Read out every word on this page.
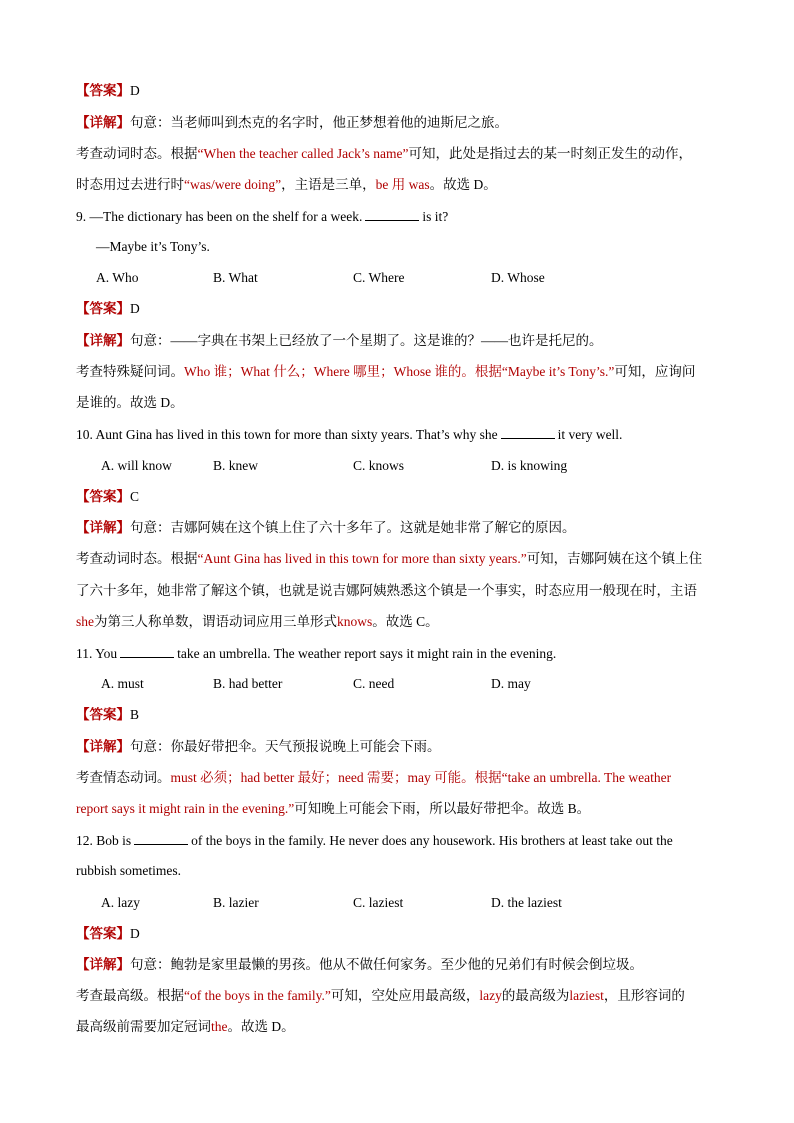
【答案】D
【详解】句意：当老师叫到杰克的名字时，他正梦想着他的迪斯尼之旅。
考查动词时态。根据“When the teacher called Jack’s name”可知，此处是指过去的某一时刻正发生的动作，
时态用过去进行时“was/were doing”，主语是三单，be 用 was。故选 D。
9. —The dictionary has been on the shelf for a week.	is it?
—Maybe it’s Tony’s.
A. Who	B. What	C. Where	D. Whose
【答案】D
【详解】句意：——字典在书架上已经放了一个星期了。这是谁的？——也许是托尼的。
考查特殊疑问词。Who 谁；What 什么；Where 哪里；Whose 谁的。根据“Maybe it’s Tony’s.”可知，应询问
是谁的。故选 D。
10. Aunt Gina has lived in this town for more than sixty years. That’s why she	it very well.
A. will know	B. knew	C. knows	D. is knowing
【答案】C
【详解】句意：吉娜阿姨在这个镇上住了六十多年了。这就是她非常了解它的原因。
考查动词时态。根据“Aunt Gina has lived in this town for more than sixty years.”可知，吉娜阿姨在这个镇上住
了六十多年，她非常了解这个镇，也就是说吉娜阿姨熟悉这个镇是一个事实，时态应用一般现在时，主语
she为第三人称单数，谓语动词应用三单形式knows。故选 C。
11. You	take an umbrella. The weather report says it might rain in the evening.
A. must	B. had better	C. need	D. may
【答案】B
【详解】句意：你最好带把伞。天气预报说晚上可能会下雨。
考查情态动词。must 必须；had better 最好；need 需要；may 可能。根据“take an umbrella. The weather
report says it might rain in the evening.”可知晚上可能会下雨，所以最好带把伞。故选 B。
12. Bob is	of the boys in the family. He never does any housework. His brothers at least take out the
rubbish sometimes.
A. lazy	B. lazier	C. laziest	D. the laziest
【答案】D
【详解】句意：鲍勃是家里最懒的男孩。他从不做任何家务。至少他的兄弟们有时候会倒垃圾。
考查最高级。根据“of the boys in the family.”可知，空处应用最高级，lazy的最高级为laziest，且形容词的
最高级前需要加定冠词the。故选 D。
